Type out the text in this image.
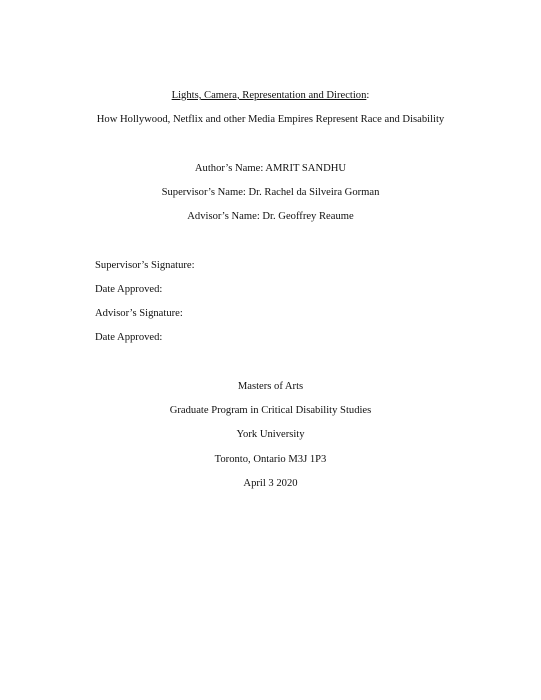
Lights, Camera, Representation and Direction:
How Hollywood, Netflix and other Media Empires Represent Race and Disability
Author’s Name: AMRIT SANDHU
Supervisor’s Name: Dr. Rachel da Silveira Gorman
Advisor’s Name: Dr. Geoffrey Reaume
Supervisor’s Signature:
Date Approved:
Advisor’s Signature:
Date Approved:
Masters of Arts
Graduate Program in Critical Disability Studies
York University
Toronto, Ontario M3J 1P3
April 3 2020
